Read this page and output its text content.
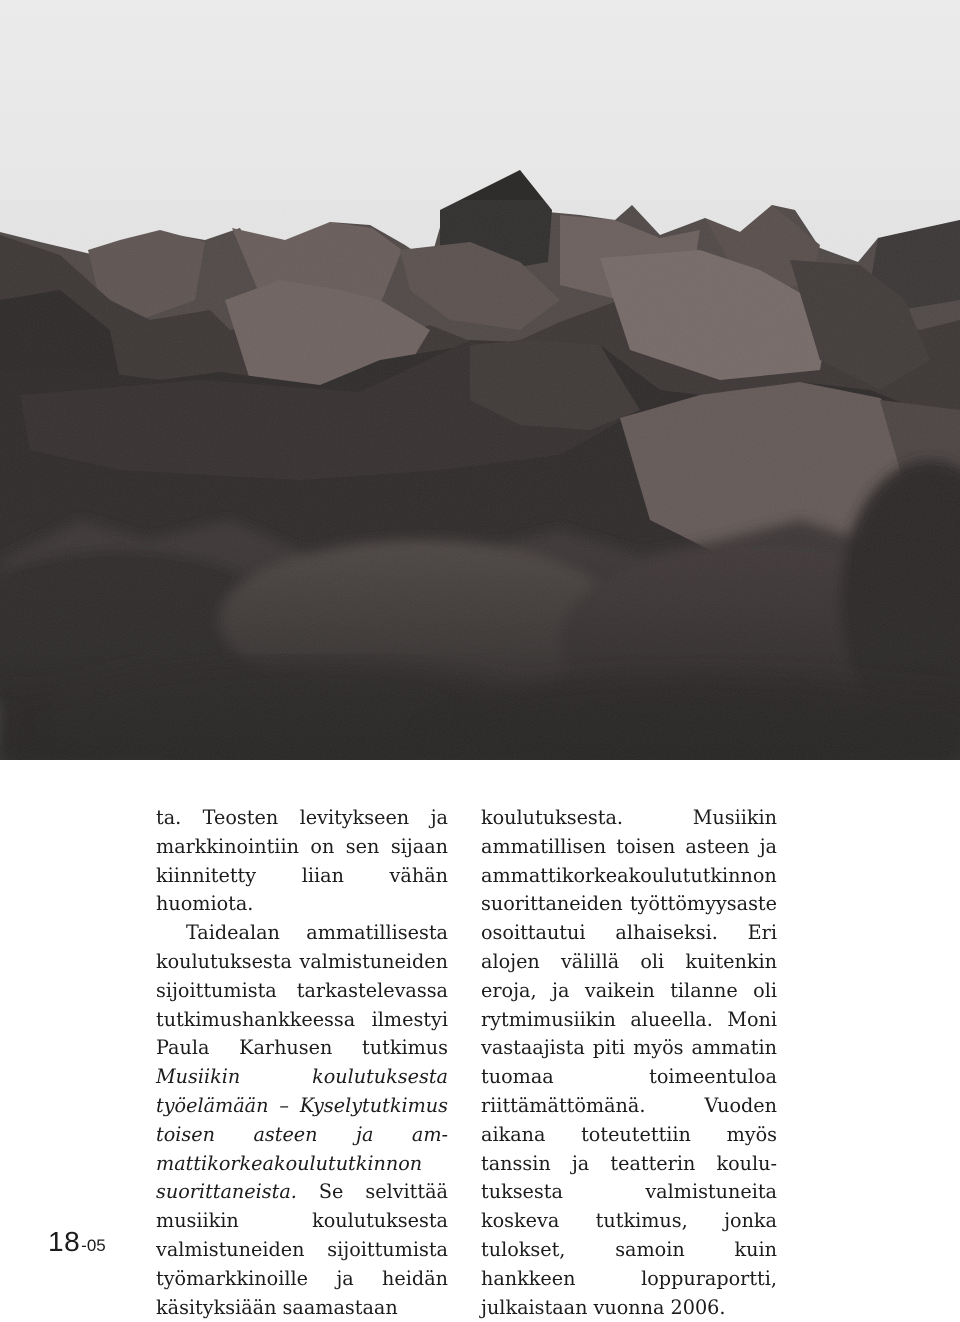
ta. Teosten levitykseen ja markkinointiin on sen sijaan kiinnitetty liian vähän huomiota.

Taidealan ammatillisesta koulutuksesta valmistuneiden sijoittumista tarkastelevassa tutkimushankkeessa ilmestyi Paula Karhusen tutkimus Musiikin koulutuksesta työelämään – Kyselytutkimus toisen asteen ja ammattikorkeakoulututkinnon suorittaneista. Se selvittää musiikin koulutuksesta valmistuneiden sijoittumista työmarkkinoille ja heidän käsityksiään saamastaan

koulutuksesta. Musiikin ammatillisen toisen asteen ja ammattikorkeakoulututkinnon suorittaneiden työttömyysaste osoittautui alhaiseksi. Eri alojen välillä oli kuitenkin eroja, ja vaikein tilanne oli rytmimusiikin alueella. Moni vastaajista piti myös ammatin tuomaa toimeentuloa riittämättömänä. Vuoden aikana toteutettiin myös tanssin ja teatterin koulutuksesta valmistuneita koskeva tutkimus, jonka tulokset, samoin kuin hankkeen loppuraportti, julkaistaan vuonna 2006.

18-05
